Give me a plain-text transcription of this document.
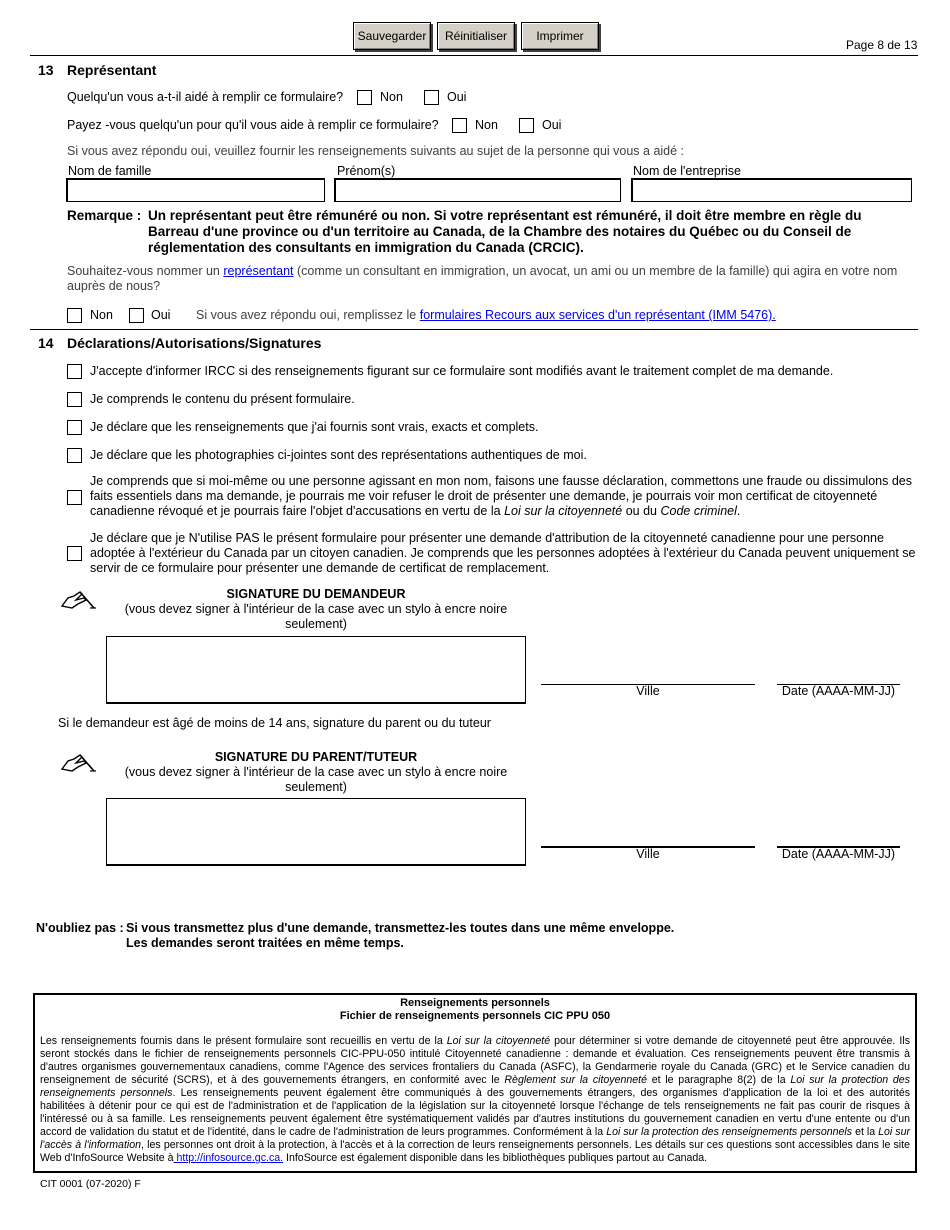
Sauvegarder	Réinitialiser	Imprimer
Page 8 de 13
13 Représentant
Quelqu'un vous a-t-il aidé à remplir ce formulaire?	Non	Oui
Payez -vous quelqu'un pour qu'il vous aide à remplir ce formulaire?	Non	Oui
Si vous avez répondu oui, veuillez fournir les renseignements suivants au sujet de la personne qui vous a aidé :
Nom de famille	Prénom(s)	Nom de l'entreprise
Remarque : Un représentant peut être rémunéré ou non. Si votre représentant est rémunéré, il doit être membre en règle du
Barreau d'une province ou d'un territoire au Canada, de la Chambre des notaires du Québec ou du Conseil de
réglementation des consultants en immigration du Canada (CRCIC).
Souhaitez-vous nommer un représentant (comme un consultant en immigration, un avocat, un ami ou un membre de la famille) qui agira en votre nom
auprès de nous?
Non	Oui Si vous avez répondu oui, remplissez le formulaires Recours aux services d'un représentant (IMM 5476).
14 Déclarations/Autorisations/Signatures
J'accepte d'informer IRCC si des renseignements figurant sur ce formulaire sont modifiés avant le traitement complet de ma demande.
Je comprends le contenu du présent formulaire.
Je déclare que les renseignements que j'ai fournis sont vrais, exacts et complets.
Je déclare que les photographies ci-jointes sont des représentations authentiques de moi.
Je comprends que si moi-même ou une personne agissant en mon nom, faisons une fausse déclaration, commettons une fraude ou dissimulons des
faits essentiels dans ma demande, je pourrais me voir refuser le droit de présenter une demande, je pourrais voir mon certificat de citoyenneté
canadienne révoqué et je pourrais faire l'objet d'accusations en vertu de la Loi sur la citoyenneté ou du Code criminel.
Je déclare que je N'utilise PAS le présent formulaire pour présenter une demande d'attribution de la citoyenneté canadienne pour une personne
adoptée à l'extérieur du Canada par un citoyen canadien. Je comprends que les personnes adoptées à l'extérieur du Canada peuvent uniquement se
servir de ce formulaire pour présenter une demande de certificat de remplacement.
SIGNATURE DU DEMANDEUR
(vous devez signer à l'intérieur de la case avec un stylo à encre noire
seulement)
Ville	Date (AAAA-MM-JJ)
Si le demandeur est âgé de moins de 14 ans, signature du parent ou du tuteur
SIGNATURE DU PARENT/TUTEUR
(vous devez signer à l'intérieur de la case avec un stylo à encre noire
seulement)
Ville	Date (AAAA-MM-JJ)
N'oubliez pas : Si vous transmettez plus d'une demande, transmettez-les toutes dans une même enveloppe.
Les demandes seront traitées en même temps.
Renseignements personnels
Fichier de renseignements personnels CIC PPU 050
Les renseignements fournis dans le présent formulaire sont recueillis en vertu de la Loi sur la citoyenneté pour déterminer si votre demande de citoyenneté peut être approuvée. Ils seront stockés dans le fichier de renseignements personnels CIC-PPU-050 intitulé Citoyenneté canadienne : demande et évaluation. Ces renseignements peuvent être transmis à d'autres organismes gouvernementaux canadiens, comme l'Agence des services frontaliers du Canada (ASFC), la Gendarmerie royale du Canada (GRC) et le Service canadien du renseignement de sécurité (SCRS), et à des gouvernements étrangers, en conformité avec le Règlement sur la citoyenneté et le paragraphe 8(2) de la Loi sur la protection des renseignements personnels. Les renseignements peuvent également être communiqués à des gouvernements étrangers, des organismes d'application de la loi et des autorités habilitées à détenir pour ce qui est de l'administration et de l'application de la législation sur la citoyenneté lorsque l'échange de tels renseignements ne fait pas courir de risques à l'intéressé ou à sa famille. Les renseignements peuvent également être systématiquement validés par d'autres institutions du gouvernement canadien en vertu d'une entente ou d'un accord de validation du statut et de l'identité, dans le cadre de l'administration de leurs programmes. Conformément à la Loi sur la protection des renseignements personnels et la Loi sur l'accès à l'information, les personnes ont droit à la protection, à l'accès et à la correction de leurs renseignements personnels. Les détails sur ces questions sont accessibles dans le site Web d'InfoSource Website à http://infosource.gc.ca. InfoSource est également disponible dans les bibliothèques publiques partout au Canada.
CIT 0001 (07-2020) F
